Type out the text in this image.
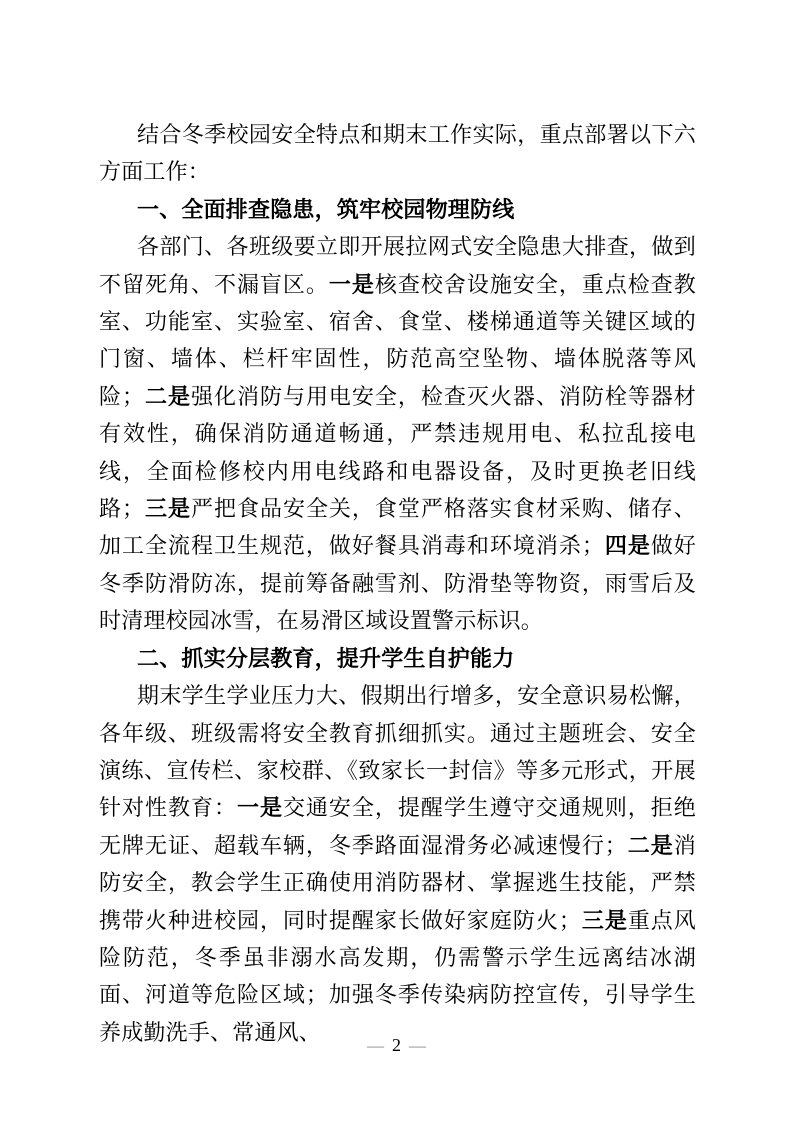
结合冬季校园安全特点和期末工作实际，重点部署以下六方面工作：

一、全面排查隐患，筑牢校园物理防线

各部门、各班级要立即开展拉网式安全隐患大排查，做到不留死角、不漏盲区。一是核查校舍设施安全，重点检查教室、功能室、实验室、宿舍、食堂、楼梯通道等关键区域的门窗、墙体、栏杆牢固性，防范高空坠物、墙体脱落等风险；二是强化消防与用电安全，检查灭火器、消防栓等器材有效性，确保消防通道畅通，严禁违规用电、私拉乱接电线，全面检修校内用电线路和电器设备，及时更换老旧线路；三是严把食品安全关，食堂严格落实食材采购、储存、加工全流程卫生规范，做好餐具消毒和环境消杀；四是做好冬季防滑防冻，提前筹备融雪剂、防滑垫等物资，雨雪后及时清理校园冰雪，在易滑区域设置警示标识。

二、抓实分层教育，提升学生自护能力

期末学生学业压力大、假期出行增多，安全意识易松懈，各年级、班级需将安全教育抓细抓实。通过主题班会、安全演练、宣传栏、家校群、《致家长一封信》等多元形式，开展针对性教育：一是交通安全，提醒学生遵守交通规则，拒绝无牌无证、超载车辆，冬季路面湿滑务必减速慢行；二是消防安全，教会学生正确使用消防器材、掌握逃生技能，严禁携带火种进校园，同时提醒家长做好家庭防火；三是重点风险防范，冬季虽非溺水高发期，仍需警示学生远离结冰湖面、河道等危险区域；加强冬季传染病防控宣传，引导学生养成勤洗手、常通风、

— 2 —
